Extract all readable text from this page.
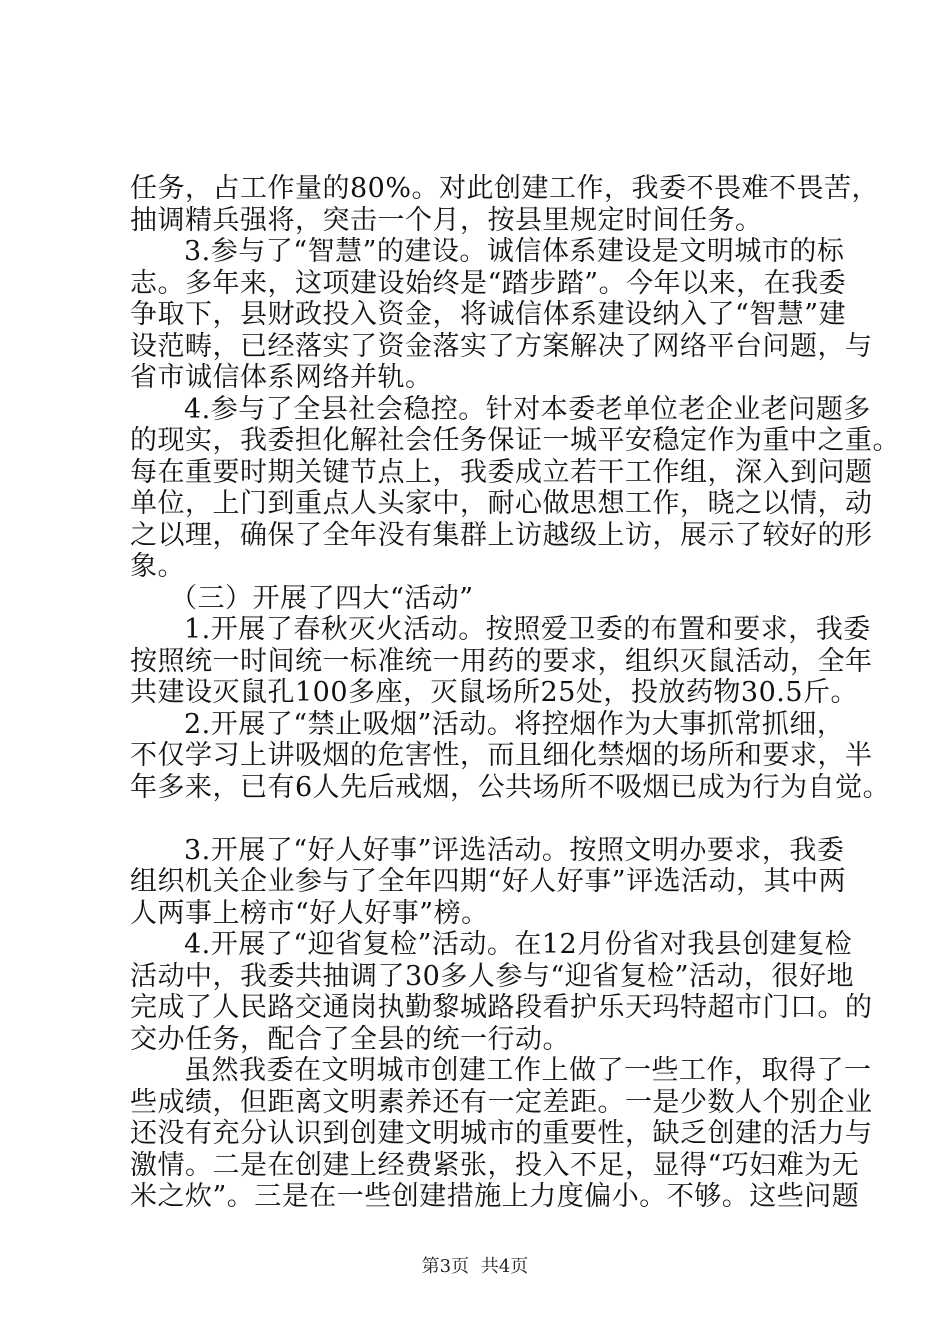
任务，占工作量的80%。对此创建工作，我委不畏难不畏苦，
抽调精兵强将，突击一个月，按县里规定时间任务。
3.参与了“智慧”的建设。诚信体系建设是文明城市的标
志。多年来，这项建设始终是“踏步踏”。今年以来，在我委
争取下，县财政投入资金，将诚信体系建设纳入了“智慧”建
设范畴，已经落实了资金落实了方案解决了网络平台问题，与
省市诚信体系网络并轨。
4.参与了全县社会稳控。针对本委老单位老企业老问题多
的现实，我委担化解社会任务保证一城平安稳定作为重中之重。
每在重要时期关键节点上，我委成立若干工作组，深入到问题
单位，上门到重点人头家中，耐心做思想工作，晓之以情，动
之以理，确保了全年没有集群上访越级上访，展示了较好的形
象。
（三）开展了四大“活动”
1.开展了春秋灭火活动。按照爱卫委的布置和要求，我委
按照统一时间统一标准统一用药的要求，组织灭鼠活动，全年
共建设灭鼠孔100多座，灭鼠场所25处，投放药物30.5斤。
2.开展了“禁止吸烟”活动。将控烟作为大事抓常抓细，
不仅学习上讲吸烟的危害性，而且细化禁烟的场所和要求，半
年多来，已有6人先后戒烟，公共场所不吸烟已成为行为自觉。
3.开展了“好人好事”评选活动。按照文明办要求，我委
组织机关企业参与了全年四期“好人好事”评选活动，其中两
人两事上榜市“好人好事”榜。
4.开展了“迎省复检”活动。在12月份省对我县创建复检
活动中，我委共抽调了30多人参与“迎省复检”活动，很好地
完成了人民路交通岗执勤黎城路段看护乐天玛特超市门口。的
交办任务，配合了全县的统一行动。
虽然我委在文明城市创建工作上做了一些工作，取得了一
些成绩，但距离文明素养还有一定差距。一是少数人个别企业
还没有充分认识到创建文明城市的重要性，缺乏创建的活力与
激情。二是在创建上经费紧张，投入不足，显得“巧妇难为无
米之炊”。三是在一些创建措施上力度偏小。不够。这些问题
第3页 共4页
